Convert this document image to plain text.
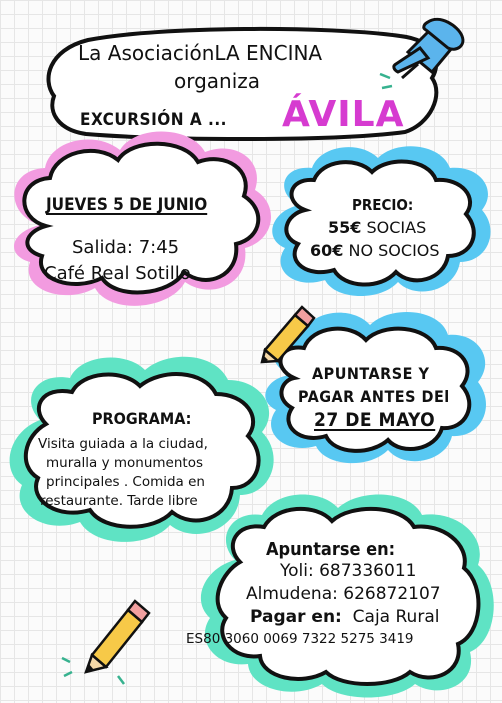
La AsociaciónLA ENCINA

organiza

EXCURSIÓN A ... ÁVILA

JUEVES 5 DE JUNIO

Salida: 7:45

Café Real Sotillo

PRECIO:

55€ SOCIAS

60€ NO SOCIOS

APUNTARSE Y

PAGAR ANTES DEl

27 DE MAYO

PROGRAMA:

Visita guiada a la ciudad,

muralla y monumentos

principales . Comida en

restaurante. Tarde libre

Apuntarse en:

Yoli: 687336011

Almudena: 626872107

Pagar en: Caja Rural

ES80 3060 0069 7322 5275 3419
